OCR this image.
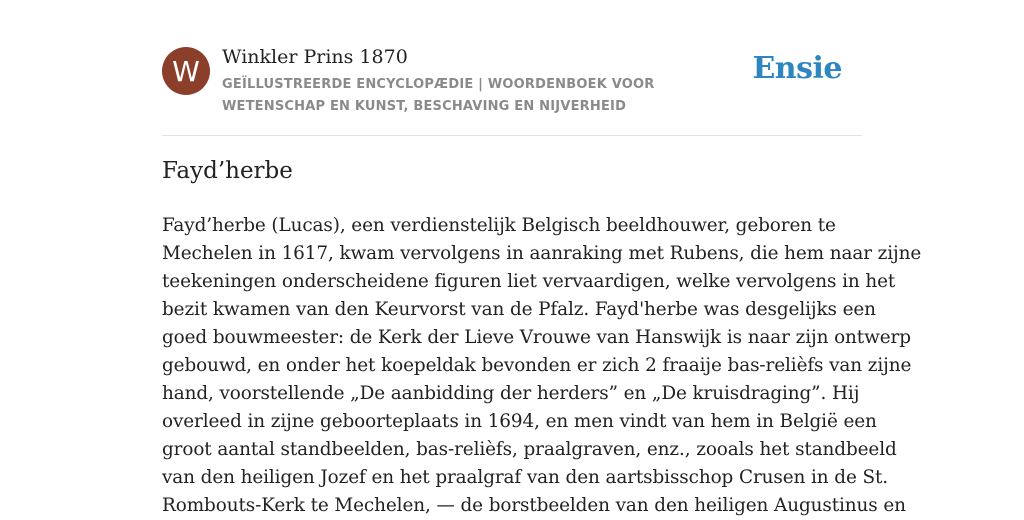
W	Winkler Prins 1870
GEÏLLUSTREERDE ENCYCLOPÆDIE | WOORDENBOEK VOOR WETENSCHAP EN KUNST, BESCHAVING EN NIJVERHEID
Ensie
Fayd’herbe
Fayd’herbe (Lucas), een verdienstelijk Belgisch beeldhouwer, geboren te
Mechelen in 1617, kwam vervolgens in aanraking met Rubens, die hem naar zijne
teekeningen onderscheidene figuren liet vervaardigen, welke vervolgens in het
bezit kwamen van den Keurvorst van de Pfalz. Fayd'herbe was desgelijks een
goed bouwmeester: de Kerk der Lieve Vrouwe van Hanswijk is naar zijn ontwerp
gebouwd, en onder het koepeldak bevonden er zich 2 fraaije bas-relièfs van zijne
hand, voorstellende „De aanbidding der herders” en „De kruisdraging”. Hij
overleed in zijne geboorteplaats in 1694, en men vindt van hem in België een
groot aantal standbeelden, bas-relièfs, praalgraven, enz., zooals het standbeeld
van den heiligen Jozef en het praalgraf van den aartsbisschop Crusen in de St.
Rombouts-Kerk te Mechelen, — de borstbeelden van den heiligen Augustinus en
